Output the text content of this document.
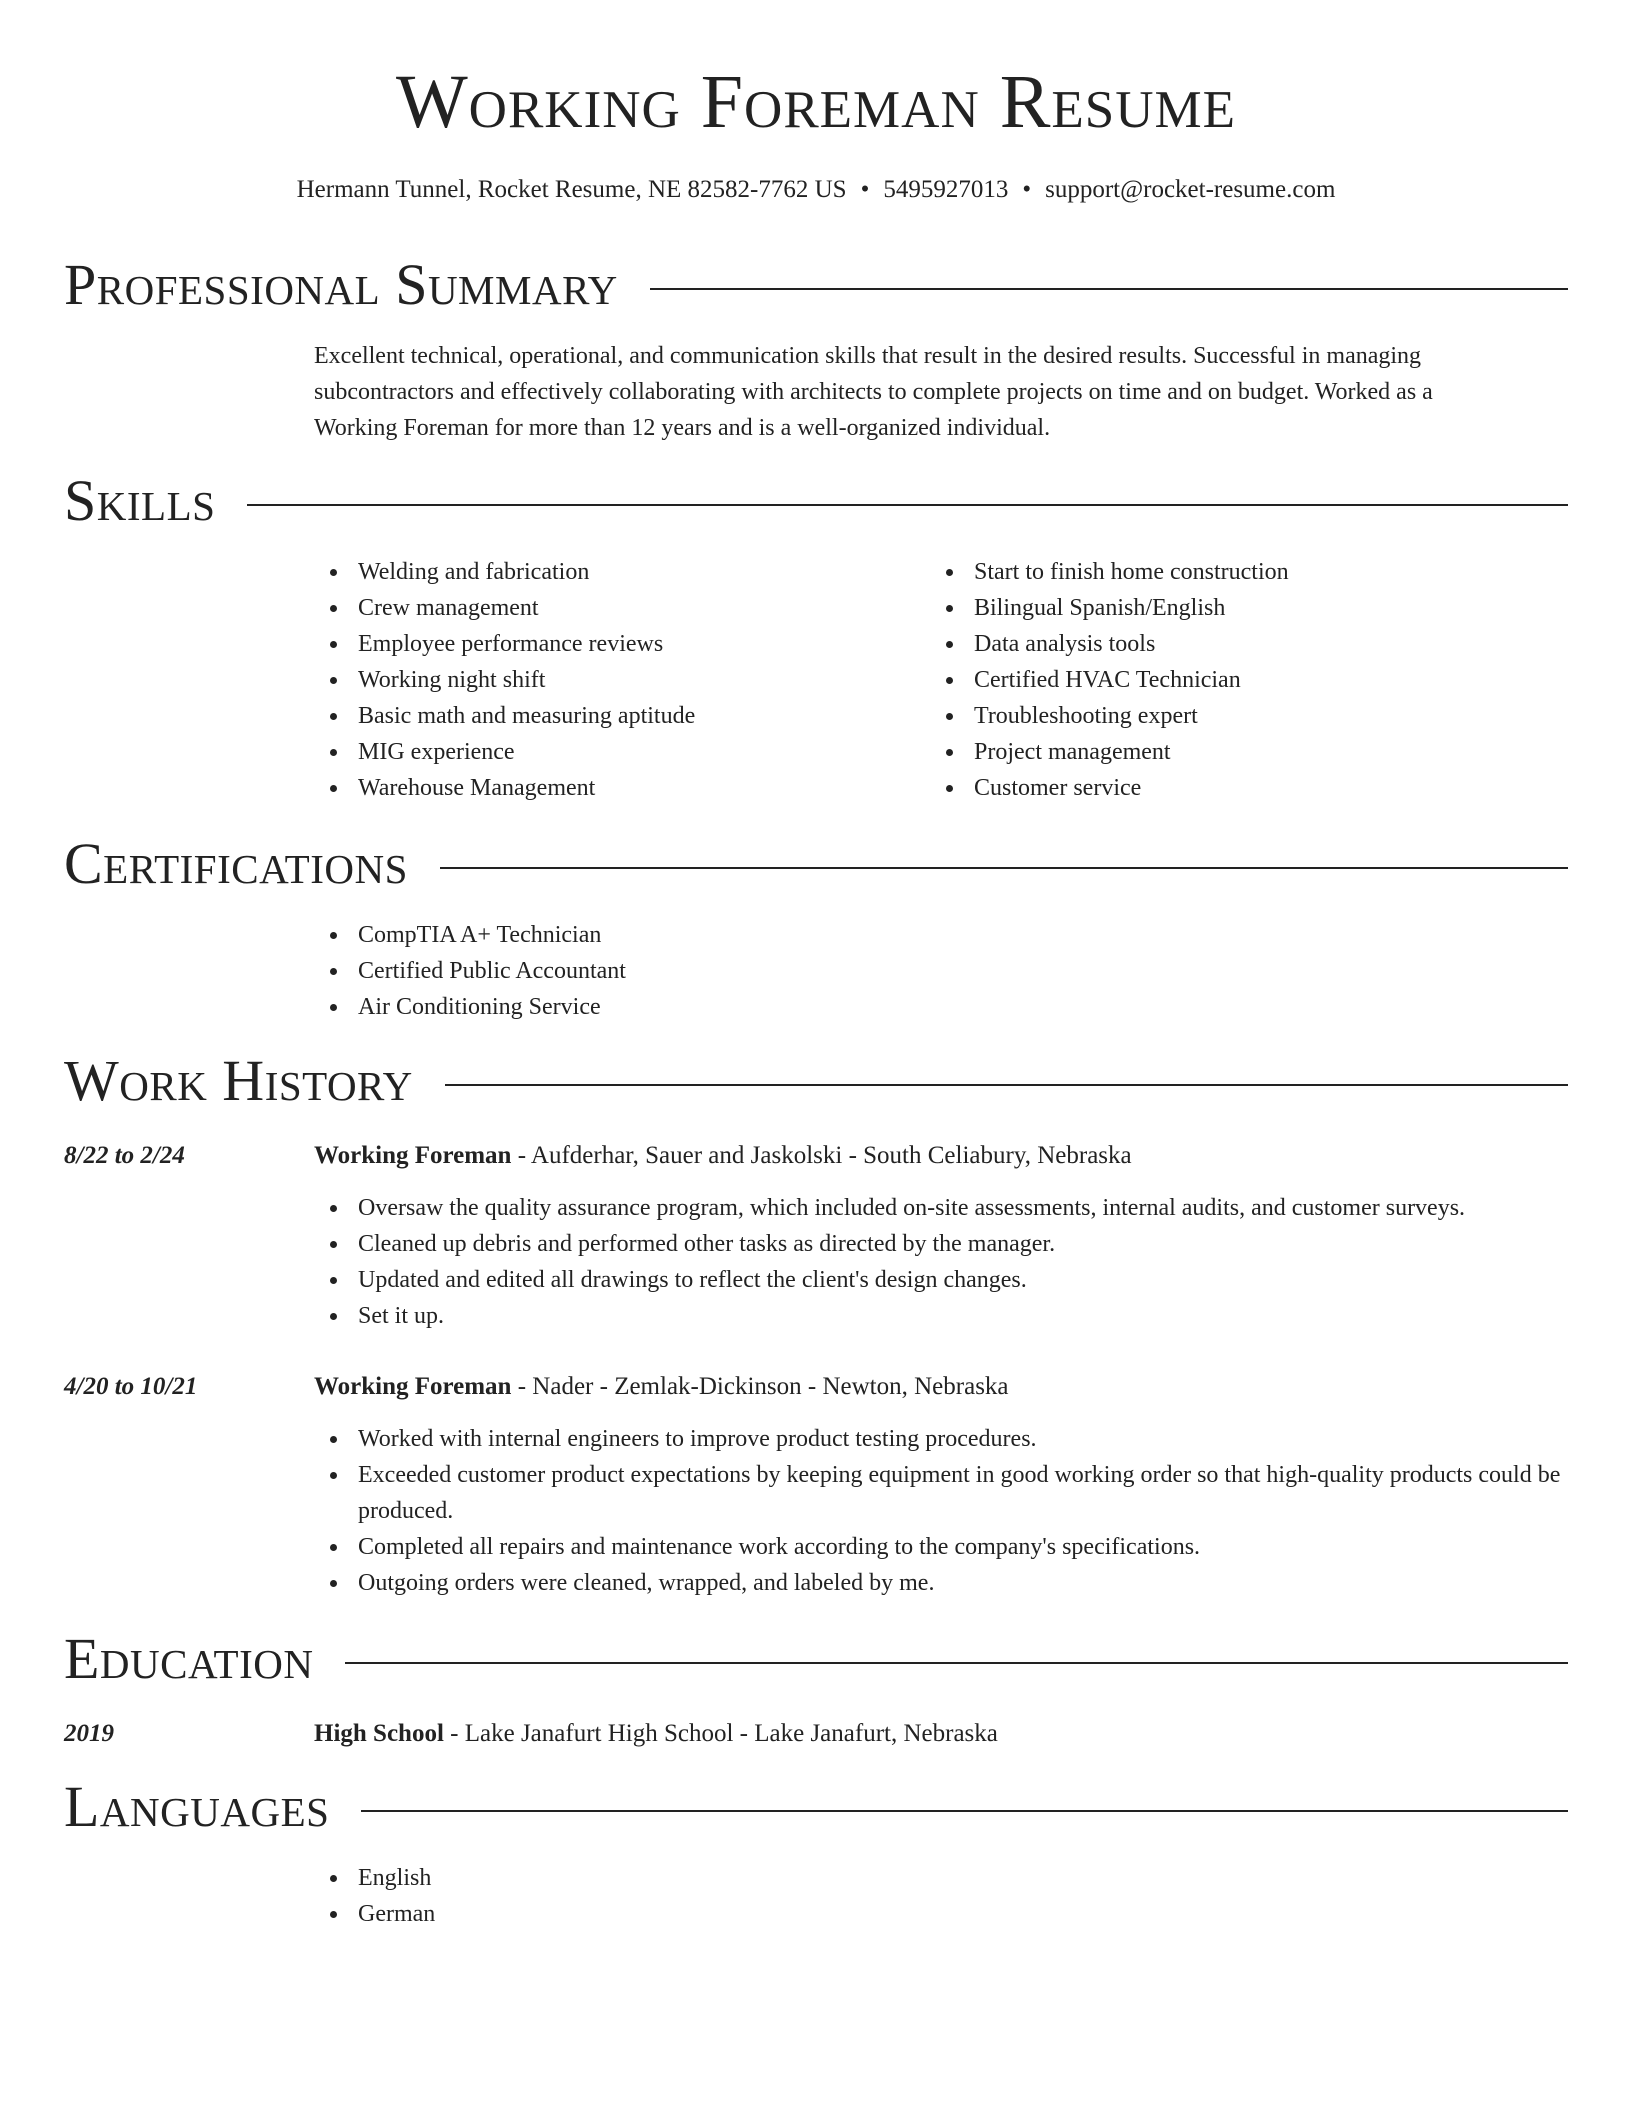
Working Foreman Resume
Hermann Tunnel, Rocket Resume, NE 82582-7762 US • 5495927013 • support@rocket-resume.com
Professional Summary
Excellent technical, operational, and communication skills that result in the desired results. Successful in managing subcontractors and effectively collaborating with architects to complete projects on time and on budget. Worked as a Working Foreman for more than 12 years and is a well-organized individual.
Skills
Welding and fabrication
Crew management
Employee performance reviews
Working night shift
Basic math and measuring aptitude
MIG experience
Warehouse Management
Start to finish home construction
Bilingual Spanish/English
Data analysis tools
Certified HVAC Technician
Troubleshooting expert
Project management
Customer service
Certifications
CompTIA A+ Technician
Certified Public Accountant
Air Conditioning Service
Work History
8/22 to 2/24	Working Foreman - Aufderhar, Sauer and Jaskolski - South Celiabury, Nebraska
Oversaw the quality assurance program, which included on-site assessments, internal audits, and customer surveys.
Cleaned up debris and performed other tasks as directed by the manager.
Updated and edited all drawings to reflect the client's design changes.
Set it up.
4/20 to 10/21	Working Foreman - Nader - Zemlak-Dickinson - Newton, Nebraska
Worked with internal engineers to improve product testing procedures.
Exceeded customer product expectations by keeping equipment in good working order so that high-quality products could be produced.
Completed all repairs and maintenance work according to the company's specifications.
Outgoing orders were cleaned, wrapped, and labeled by me.
Education
2019	High School - Lake Janafurt High School - Lake Janafurt, Nebraska
Languages
English
German
